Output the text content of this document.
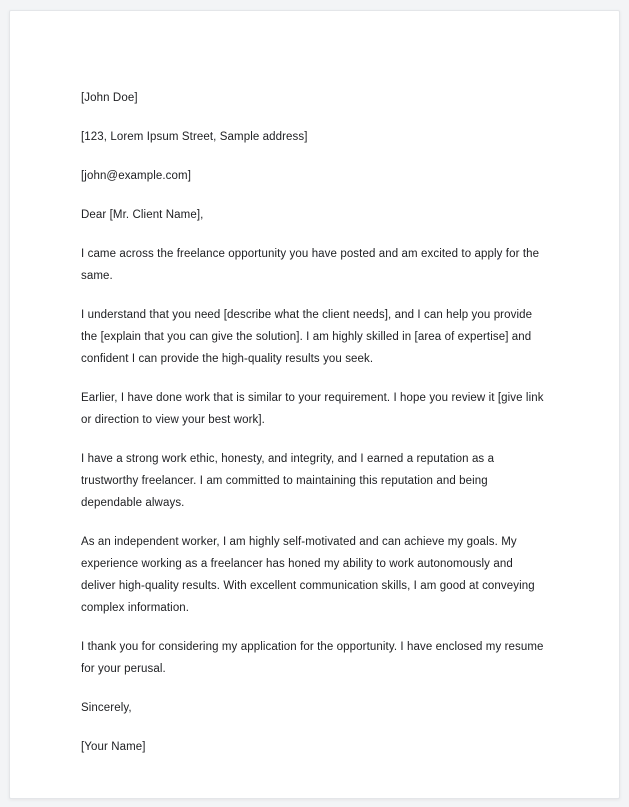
[John Doe]

[123, Lorem Ipsum Street, Sample address]

[john@example.com]

Dear [Mr. Client Name],

I came across the freelance opportunity you have posted and am excited to apply for the same.

I understand that you need [describe what the client needs], and I can help you provide the [explain that you can give the solution]. I am highly skilled in [area of expertise] and confident I can provide the high-quality results you seek.

Earlier, I have done work that is similar to your requirement. I hope you review it [give link or direction to view your best work].

I have a strong work ethic, honesty, and integrity, and I earned a reputation as a trustworthy freelancer. I am committed to maintaining this reputation and being dependable always.

As an independent worker, I am highly self-motivated and can achieve my goals. My experience working as a freelancer has honed my ability to work autonomously and deliver high-quality results. With excellent communication skills, I am good at conveying complex information.

I thank you for considering my application for the opportunity. I have enclosed my resume for your perusal.

Sincerely,

[Your Name]
